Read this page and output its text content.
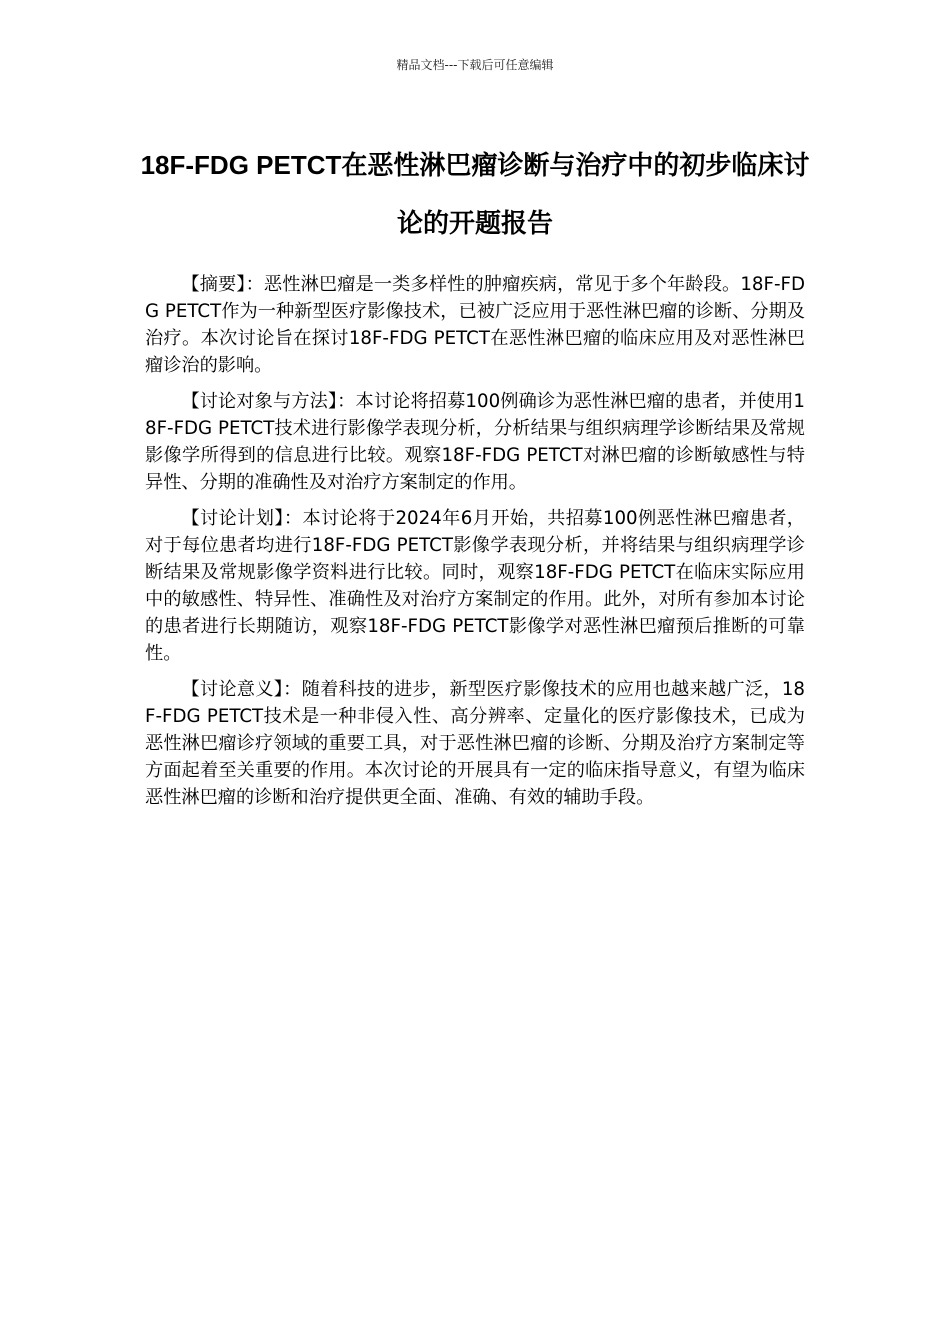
精品文档---下载后可任意编辑
18F-FDG PETCT在恶性淋巴瘤诊断与治疗中的初步临床讨论的开题报告

【摘要】：恶性淋巴瘤是一类多样性的肿瘤疾病，常见于多个年龄段。18F-FDG PETCT作为一种新型医疗影像技术，已被广泛应用于恶性淋巴瘤的诊断、分期及治疗。本次讨论旨在探讨18F-FDG PETCT在恶性淋巴瘤的临床应用及对恶性淋巴瘤诊治的影响。

【讨论对象与方法】：本讨论将招募100例确诊为恶性淋巴瘤的患者，并使用18F-FDG PETCT技术进行影像学表现分析，分析结果与组织病理学诊断结果及常规影像学所得到的信息进行比较。观察18F-FDG PETCT对淋巴瘤的诊断敏感性与特异性、分期的准确性及对治疗方案制定的作用。

【讨论计划】：本讨论将于2024年6月开始，共招募100例恶性淋巴瘤患者，对于每位患者均进行18F-FDG PETCT影像学表现分析，并将结果与组织病理学诊断结果及常规影像学资料进行比较。同时，观察18F-FDG PETCT在临床实际应用中的敏感性、特异性、准确性及对治疗方案制定的作用。此外，对所有参加本讨论的患者进行长期随访，观察18F-FDG PETCT影像学对恶性淋巴瘤预后推断的可靠性。

【讨论意义】：随着科技的进步，新型医疗影像技术的应用也越来越广泛，18F-FDG PETCT技术是一种非侵入性、高分辨率、定量化的医疗影像技术，已成为恶性淋巴瘤诊疗领域的重要工具，对于恶性淋巴瘤的诊断、分期及治疗方案制定等方面起着至关重要的作用。本次讨论的开展具有一定的临床指导意义，有望为临床恶性淋巴瘤的诊断和治疗提供更全面、准确、有效的辅助手段。
